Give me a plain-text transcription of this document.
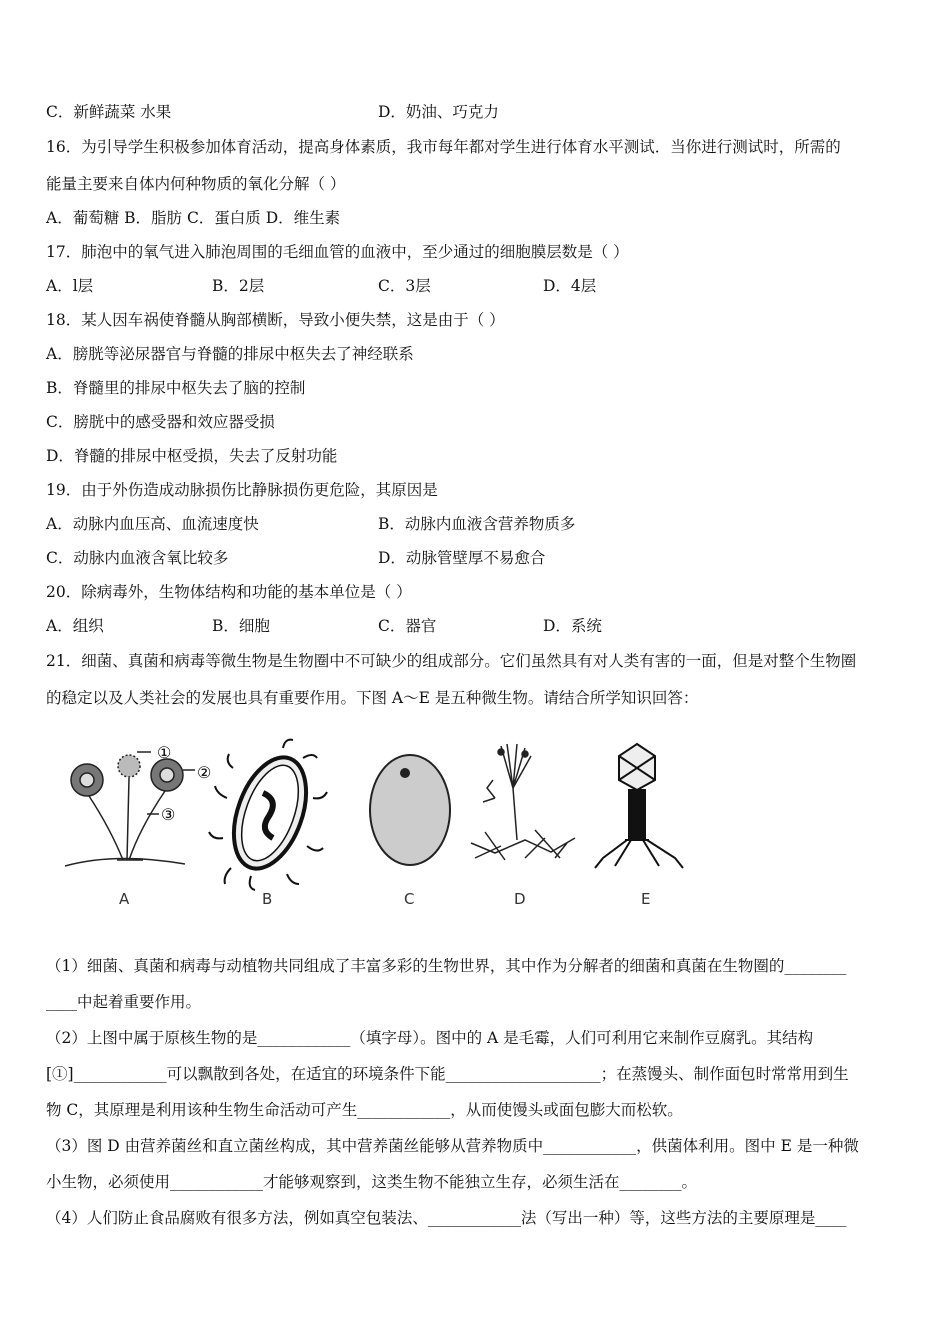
C．新鲜蔬菜 水果	D．奶油、巧克力
16．为引导学生积极参加体育活动，提高身体素质，我市每年都对学生进行体育水平测试．当你进行测试时，所需的
能量主要来自体内何种物质的氧化分解（ ）
A．葡萄糖 B．脂肪 C．蛋白质 D．维生素
17．肺泡中的氧气进入肺泡周围的毛细血管的血液中，至少通过的细胞膜层数是（ ）
A．l层	B．2层	C．3层	D．4层
18．某人因车祸使脊髓从胸部横断，导致小便失禁，这是由于（ ）
A．膀胱等泌尿器官与脊髓的排尿中枢失去了神经联系
B．脊髓里的排尿中枢失去了脑的控制
C．膀胱中的感受器和效应器受损
D．脊髓的排尿中枢受损，失去了反射功能
19．由于外伤造成动脉损伤比静脉损伤更危险，其原因是
A．动脉内血压高、血流速度快	B．动脉内血液含营养物质多
C．动脉内血液含氧比较多	D．动脉管壁厚不易愈合
20．除病毒外，生物体结构和功能的基本单位是（ ）
A．组织	B．细胞	C．器官	D．系统
21．细菌、真菌和病毒等微生物是生物圈中不可缺少的组成部分。它们虽然具有对人类有害的一面，但是对整个生物圈
的稳定以及人类社会的发展也具有重要作用。下图 A～E 是五种微生物。请结合所学知识回答：
①
②
③
A	B	C	D	E
（1）细菌、真菌和病毒与动植物共同组成了丰富多彩的生物世界，其中作为分解者的细菌和真菌在生物圈的________
____中起着重要作用。
（2）上图中属于原核生物的是____________（填字母）。图中的 A 是毛霉，人们可利用它来制作豆腐乳。其结构
[①]____________可以飘散到各处，在适宜的环境条件下能____________________；在蒸馒头、制作面包时常常用到生
物 C，其原理是利用该种生物生命活动可产生____________，从而使馒头或面包膨大而松软。
（3）图 D 由营养菌丝和直立菌丝构成，其中营养菌丝能够从营养物质中____________，供菌体利用。图中 E 是一种微
小生物，必须使用____________才能够观察到，这类生物不能独立生存，必须生活在________。
（4）人们防止食品腐败有很多方法，例如真空包装法、____________法（写出一种）等，这些方法的主要原理是____
